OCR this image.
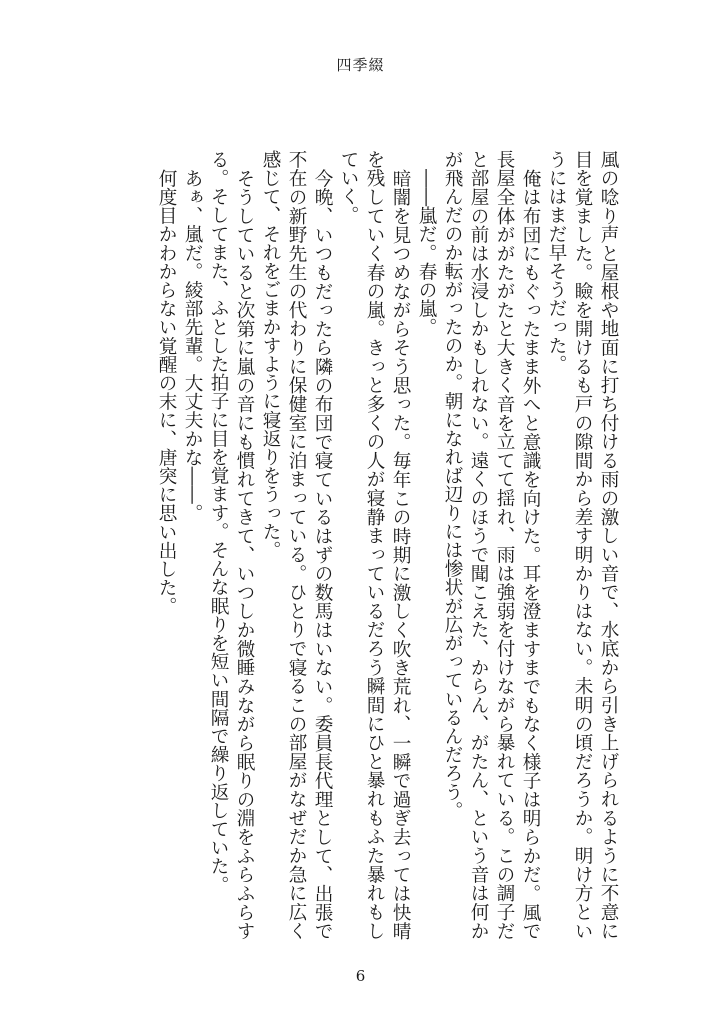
四季綴

風の唸り声と屋根や地面に打ち付ける雨の激しい音で、水底から引き上げられるように不意に目を覚ました。瞼を開けるも戸の隙間から差す明かりはない。未明の頃だろうか。明け方というにはまだ早そうだった。

俺は布団にもぐったまま外へと意識を向けた。耳を澄ますまでもなく様子は明らかだ。風で長屋全体ががたがたと大きく音を立てて揺れ、雨は強弱を付けながら暴れている。この調子だと部屋の前は水浸しかもしれない。遠くのほうで聞こえた、からん、がたん、という音は何かが飛んだのか転がったのか。朝になれば辺りには惨状が広がっているんだろう。

――嵐だ。春の嵐。

暗闇を見つめながらそう思った。毎年この時期に激しく吹き荒れ、一瞬で過ぎ去っては快晴を残していく春の嵐。きっと多くの人が寝静まっているだろう瞬間にひと暴れもふた暴れもしていく。

今晩、いつもだったら隣の布団で寝ているはずの数馬はいない。委員長代理として、出張で不在の新野先生の代わりに保健室に泊まっている。ひとりで寝るこの部屋がなぜだか急に広く感じて、それをごまかすように寝返りをうった。

そうしていると次第に嵐の音にも慣れてきて、いつしか微睡みながら眠りの淵をふらふらする。そしてまた、ふとした拍子に目を覚ます。そんな眠りを短い間隔で繰り返していた。

あぁ、嵐だ。綾部先輩。大丈夫かな――。

何度目かわからない覚醒の末に、唐突に思い出した。

6
